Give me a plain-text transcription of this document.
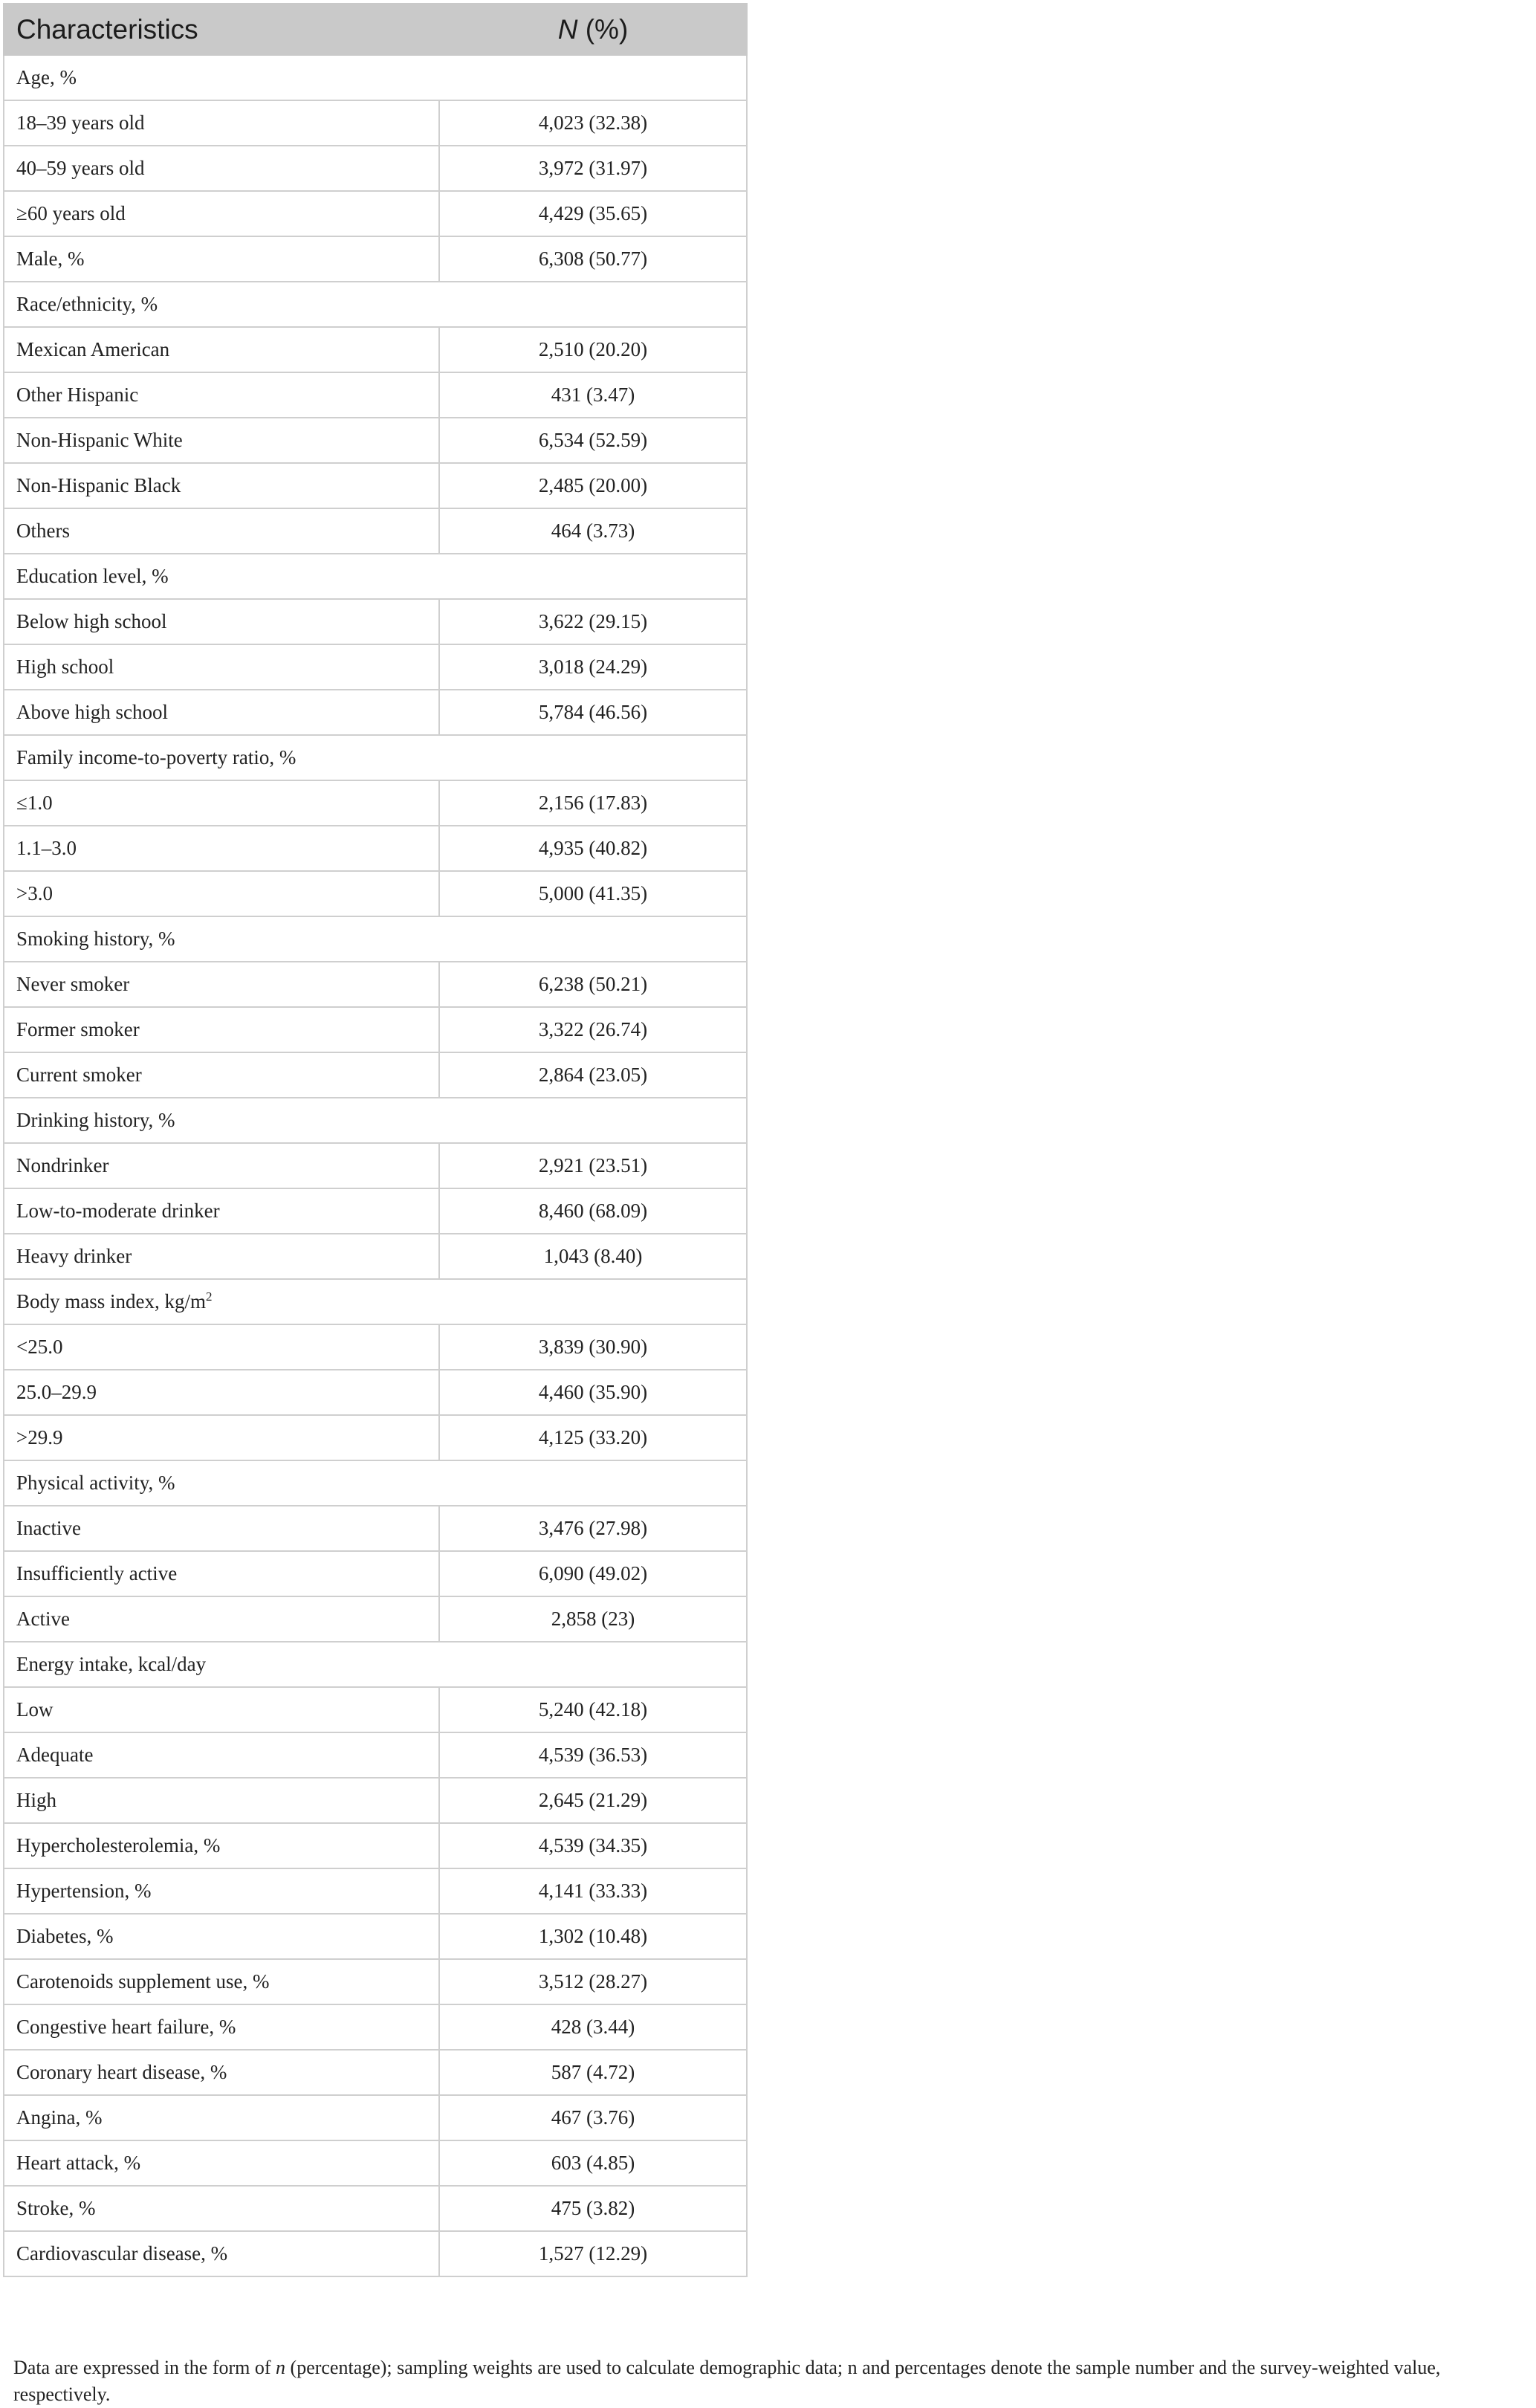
Characteristics	N (%)
Age, %	
18–39 years old	4,023 (32.38)
40–59 years old	3,972 (31.97)
≥60 years old	4,429 (35.65)
Male, %	6,308 (50.77)
Race/ethnicity, %	
Mexican American	2,510 (20.20)
Other Hispanic	431 (3.47)
Non-Hispanic White	6,534 (52.59)
Non-Hispanic Black	2,485 (20.00)
Others	464 (3.73)
Education level, %	
Below high school	3,622 (29.15)
High school	3,018 (24.29)
Above high school	5,784 (46.56)
Family income-to-poverty ratio, %	
≤1.0	2,156 (17.83)
1.1–3.0	4,935 (40.82)
>3.0	5,000 (41.35)
Smoking history, %	
Never smoker	6,238 (50.21)
Former smoker	3,322 (26.74)
Current smoker	2,864 (23.05)
Drinking history, %	
Nondrinker	2,921 (23.51)
Low-to-moderate drinker	8,460 (68.09)
Heavy drinker	1,043 (8.40)
Body mass index, $kg/m^2$
<25.0	3,839 (30.90)
25.0–29.9	4,460 (35.90)
>29.9	4,125 (33.20)
Physical activity, %	
Inactive	3,476 (27.98)
Insufficiently active	6,090 (49.02)
Active	2,858 (23)
Energy intake, kcal/day	
Low	5,240 (42.18)
Adequate	4,539 (36.53)
High	2,645 (21.29)
Hypercholesterolemia, %	4,539 (34.35)
Hypertension, %	4,141 (33.33)
Diabetes, %	1,302 (10.48)
Carotenoids supplement use, %	3,512 (28.27)
Congestive heart failure, %	428 (3.44)
Coronary heart disease, %	587 (4.72)
Angina, %	467 (3.76)
Heart attack, %	603 (4.85)
Stroke, %	475 (3.82)
Cardiovascular disease, %	1,527 (12.29)
Data are expressed in the form of n (percentage); sampling weights are used to calculate demographic data; n and percentages denote the sample number and the survey-weighted value, respectively.
